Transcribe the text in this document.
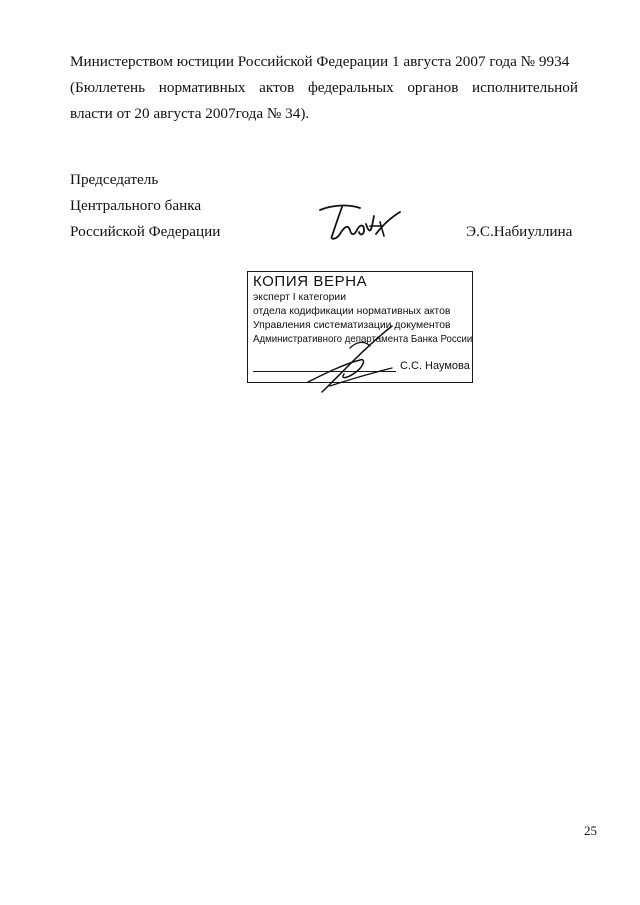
Министерством юстиции Российской Федерации 1 августа 2007 года № 9934
(Бюллетень нормативных актов федеральных органов исполнительной
власти от 20 августа 2007года № 34).
Председатель
Центрального банка
Российской Федерации	Э.С.Набиуллина
КОПИЯ ВЕРНА
эксперт I категории
отдела кодификации нормативных актов
Управления систематизации документов
Административного департамента Банка России
С.С. Наумова
25
